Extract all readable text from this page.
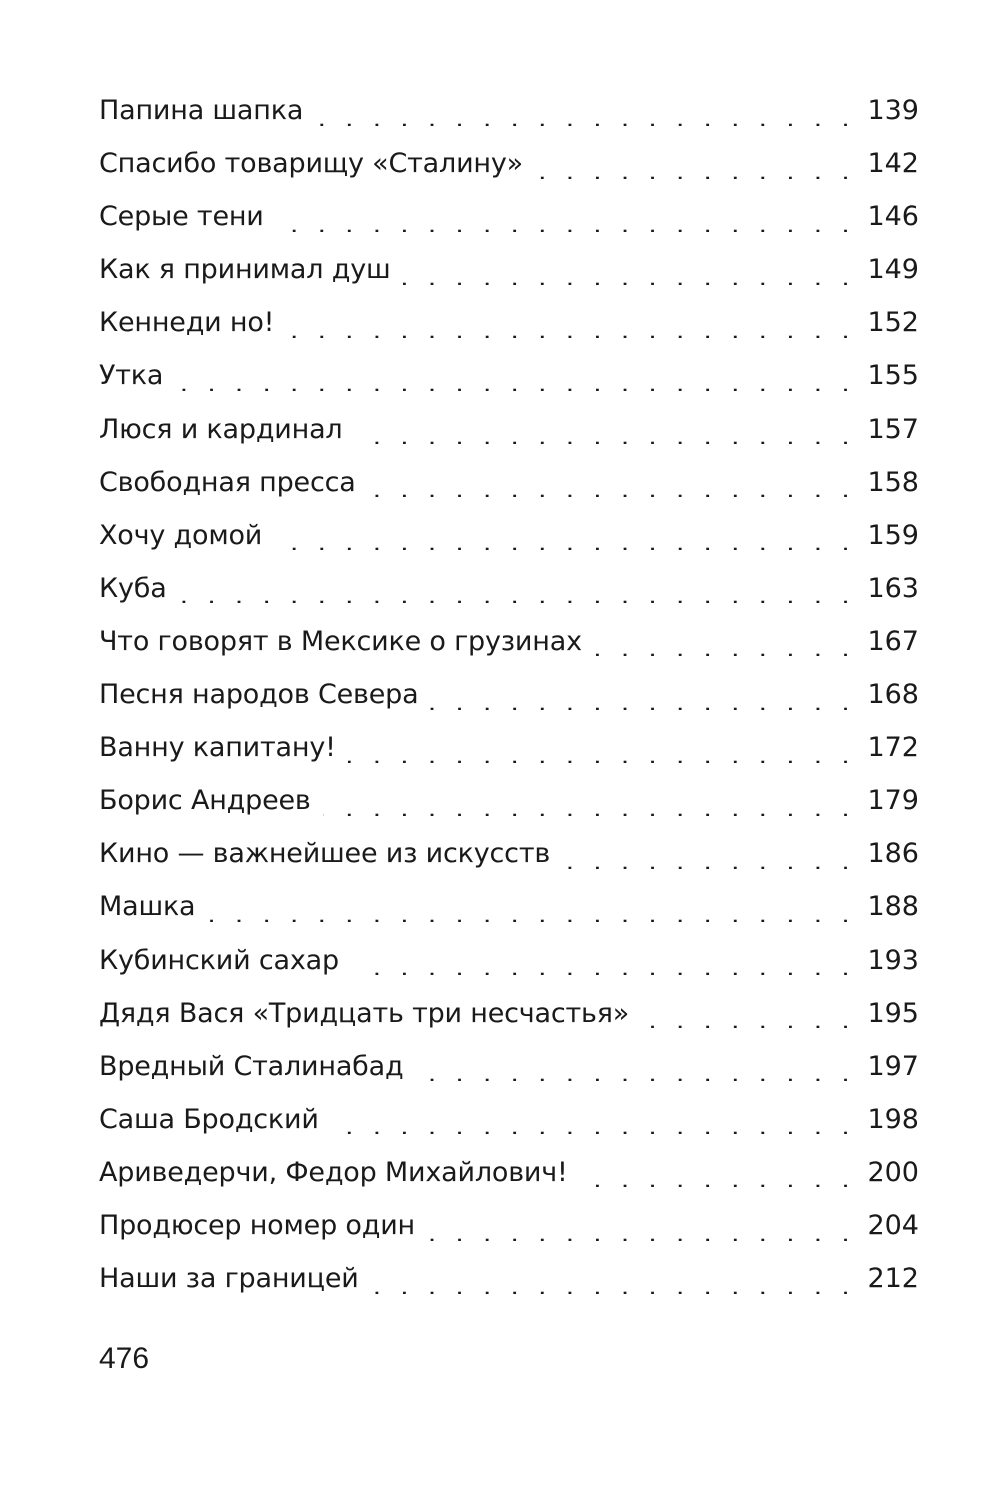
Папина шапка . . .	139
Спасибо товарищу «Сталину» . . .	142
Серые тени . . .	146
Как я принимал душ . . .	149
Кеннеди но! . . .	152
Утка . . .	155
Люся и кардинал . . .	157
Свободная пресса . . .	158
Хочу домой . . .	159
Куба . . .	163
Что говорят в Мексике о грузинах . . .	167
Песня народов Севера . . .	168
Ванну капитану! . . .	172
Борис Андреев . . .	179
Кино — важнейшее из искусств . . .	186
Машка . . .	188
Кубинский сахар . . .	193
Дядя Вася «Тридцать три несчастья» . . .	195
Вредный Сталинабад . . .	197
Саша Бродский . . .	198
Ариведерчи, Федор Михайлович! . . .	200
Продюсер номер один . . .	204
Наши за границей . . .	212
476
